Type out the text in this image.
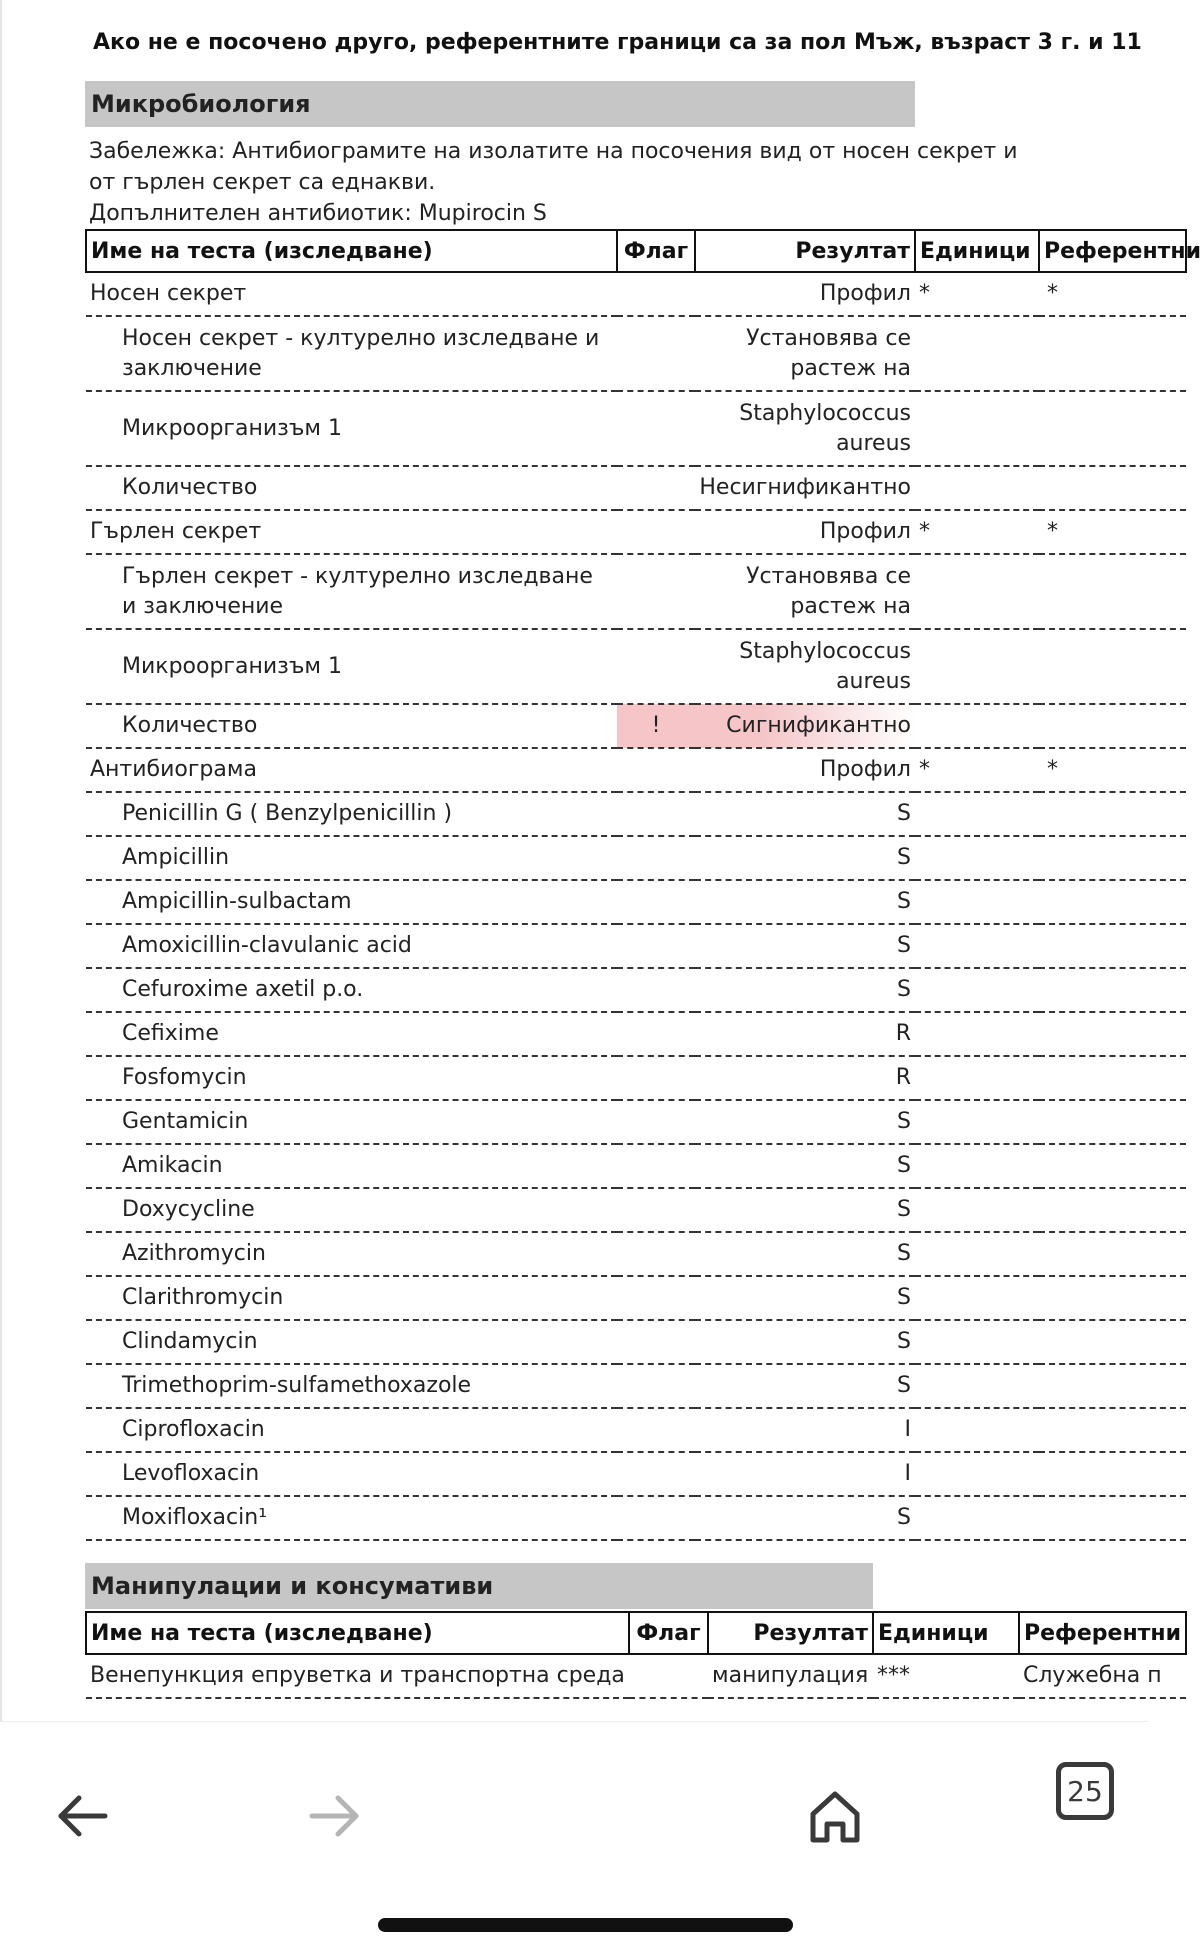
Ако не е посочено друго, референтните граници са за пол Мъж, възраст 3 г. и 11
Микробиология
Забележка: Антибиограмите на изолатите на посочения вид от носен секрет и
от гърлен секрет са еднакви.
Допълнителен антибиотик: Mupirocin S
Име на теста (изследване)	Флаг	Резултат	Единици	Референтни
Носен секрет		Профил	*	*
Носен секрет - културелно изследване и заключение		Установява се растеж на		
Микроорганизъм 1		Staphylococcus aureus		
Количество		Несигнификантно		
Гърлен секрет		Профил	*	*
Гърлен секрет - културелно изследване и заключение		Установява се растеж на		
Микроорганизъм 1		Staphylococcus aureus		
Количество	!	Сигнификантно		
Антибиограма		Профил	*	*
Penicillin G ( Benzylpenicillin )		S		
Ampicillin		S		
Ampicillin-sulbactam		S		
Amoxicillin-clavulanic acid		S		
Cefuroxime axetil p.o.		S		
Cefixime		R		
Fosfomycin		R		
Gentamicin		S		
Amikacin		S		
Doxycycline		S		
Azithromycin		S		
Clarithromycin		S		
Clindamycin		S		
Trimethoprim-sulfamethoxazole		S		
Ciprofloxacin		I		
Levofloxacin		I		
Moxifloxacin¹		S		
Манипулации и консумативи
Име на теста (изследване)	Флаг	Резултат	Единици	Референтни
Венепункция епруветка и транспортна среда		манипулация	***	Служебна п
25
